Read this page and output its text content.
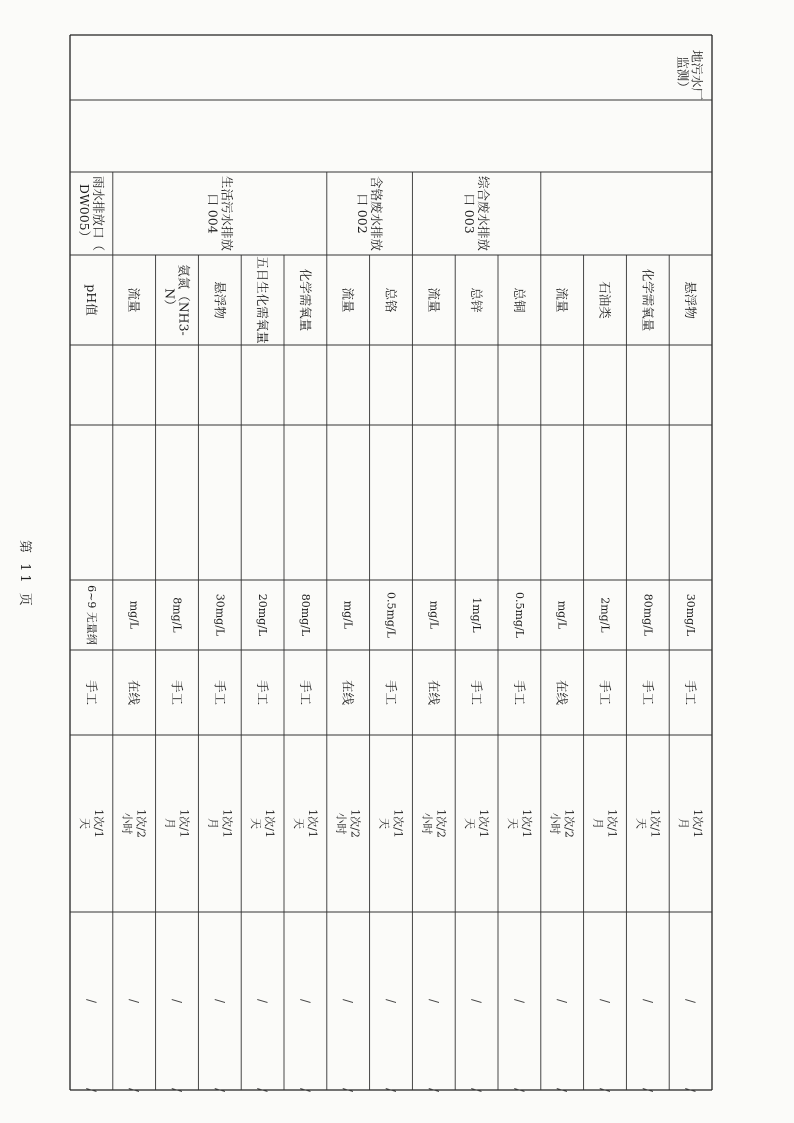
地污水厂
监测）
综合废水排放
口 003
含铬废水排放
口 002
生活污水排放
口 004
雨水排放口（
DW005）
悬浮物
30mg/L
手工
1次/1
月
/
/
化学需氧量
80mg/L
手工
1次/1
天
/
/
石油类
2mg/L
手工
1次/1
月
/
/
流量
mg/L
在线
1次/2
小时
/
/
总铜
0.5mg/L
手工
1次/1
天
/
/
总锌
1mg/L
手工
1次/1
天
/
/
流量
mg/L
在线
1次/2
小时
/
/
总铬
0.5mg/L
手工
1次/1
天
/
/
流量
mg/L
在线
1次/2
小时
/
/
化学需氧量
80mg/L
手工
1次/1
天
/
/
五日生化需氧量
20mg/L
手工
1次/1
天
/
/
悬浮物
30mg/L
手工
1次/1
月
/
/
氨氮（NH3-
N）
8mg/L
手工
1次/1
月
/
/
流量
mg/L
在线
1次/2
小时
/
/
pH值
6~9 无量纲
手工
1次/1
天
/
/
第 11 页
